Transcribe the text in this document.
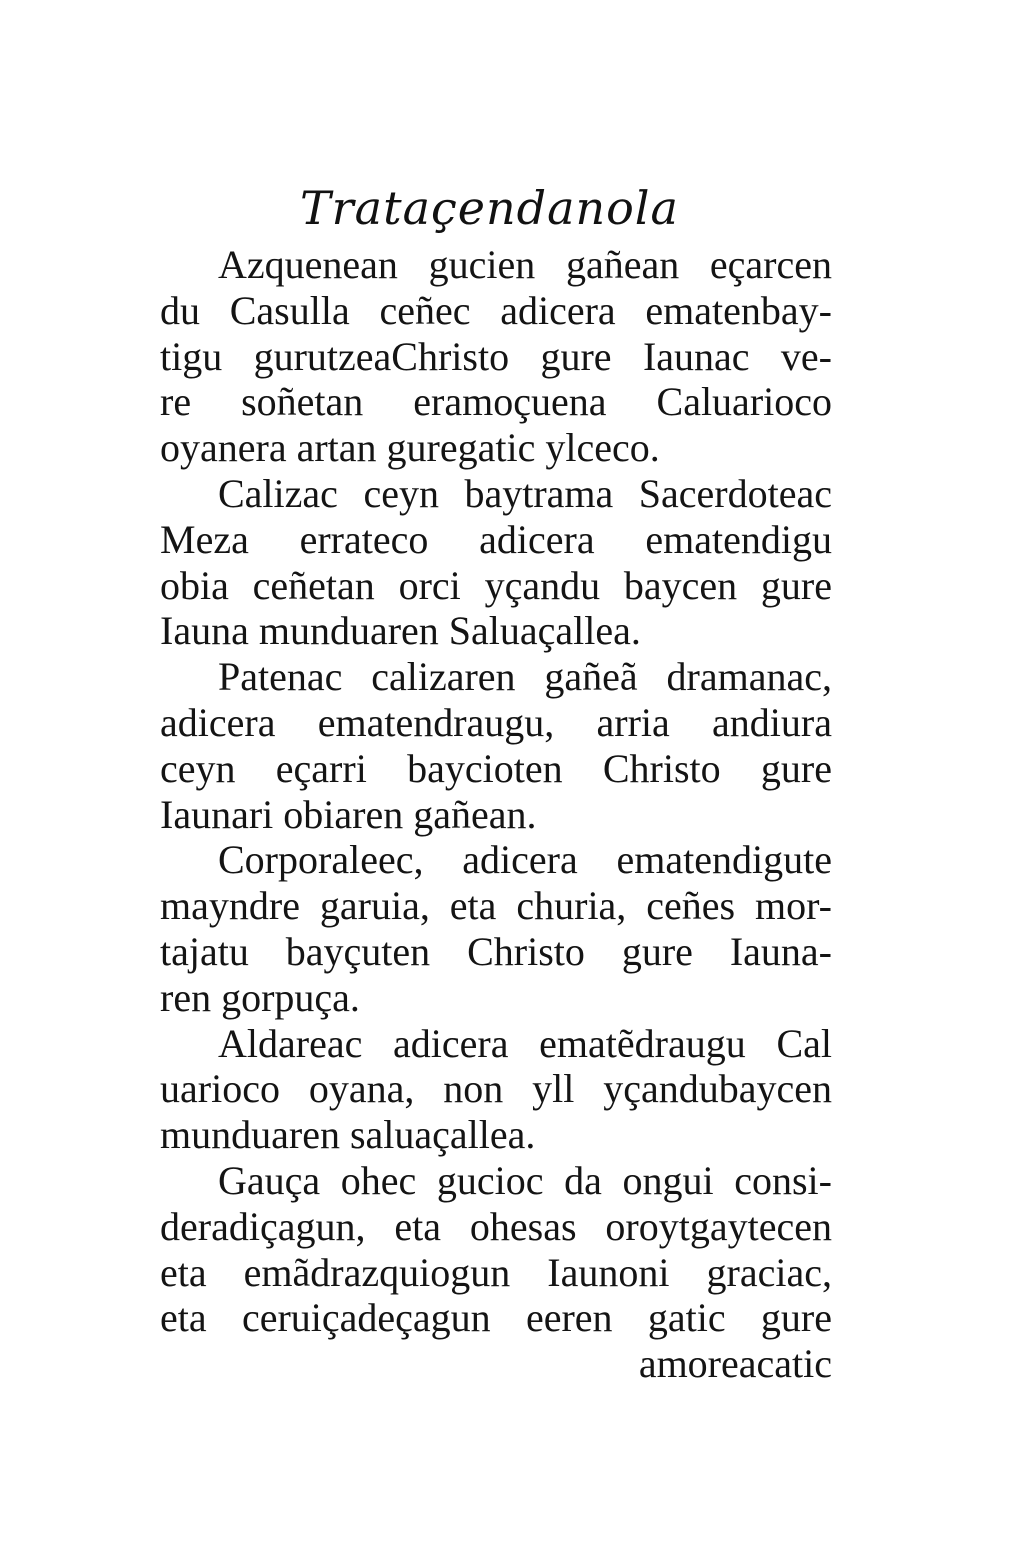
Trataçendanola
Azquenean gucien gañean eçarcen
du Casulla ceñec adicera ematenbay-
tigu gurutzeaChristo gure Iaunac ve-
re soñetan eramoçuena Caluarioco
oyanera artan guregatic ylceco.
Calizac ceyn baytrama Sacerdoteac
Meza errateco adicera ematendigu
obia ceñetan orci yçandu baycen gure
Iauna munduaren Saluaçallea.
Patenac calizaren gañeã dramanac,
adicera ematendraugu, arria andiura
ceyn eçarri baycioten Christo gure
Iaunari obiaren gañean.
Corporaleec, adicera ematendigute
mayndre garuia, eta churia, ceñes mor-
tajatu bayçuten Christo gure Iauna-
ren gorpuça.
Aldareac adicera ematẽdraugu Cal
uarioco oyana, non yll yçandubaycen
munduaren saluaçallea.
Gauça ohec gucioc da ongui consi-
deradiçagun, eta ohesas oroytgaytecen
eta emãdrazquiogun Iaunoni graciac,
eta ceruiçadeçagun eeren gatic gure
amoreacatic
